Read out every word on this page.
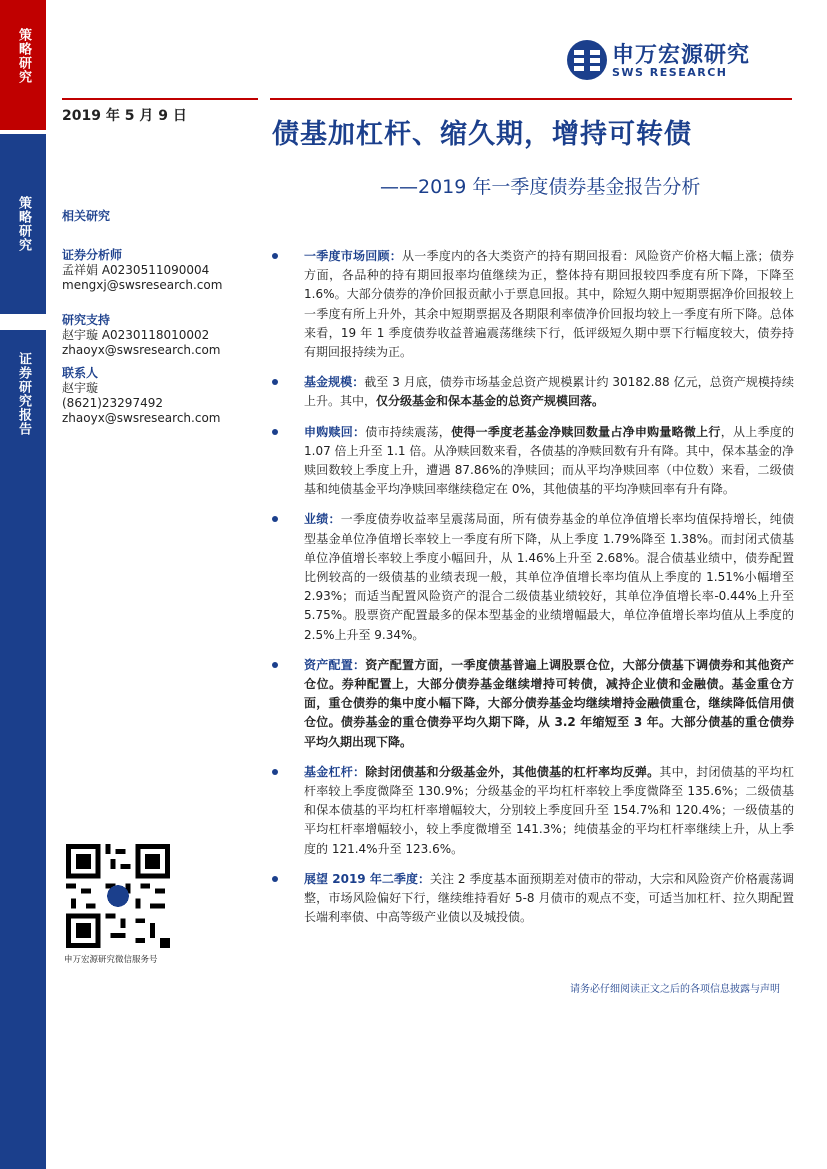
策略研究
策略研究
证券研究报告
申万宏源研究
SWS RESEARCH
2019 年 5 月 9 日
债基加杠杆、缩久期，增持可转债
——2019 年一季度债券基金报告分析
相关研究
证券分析师
孟祥娟 A0230511090004
mengxj@swsresearch.com
研究支持
赵宇璇 A0230118010002
zhaoyx@swsresearch.com
联系人
赵宇璇
(8621)23297492
zhaoyx@swsresearch.com
申万宏源研究微信服务号

一季度市场回顾：从一季度内的各大类资产的持有期回报看：风险资产价格大幅上涨；债券方面，各品种的持有期回报率均值继续为正，整体持有期回报较四季度有所下降，下降至 1.6%。大部分债券的净价回报贡献小于票息回报。其中，除短久期中短期票据净价回报较上一季度有所上升外，其余中短期票据及各期限利率债净价回报均较上一季度有所下降。总体来看，19 年 1 季度债券收益普遍震荡继续下行，低评级短久期中票下行幅度较大，债券持有期回报持续为正。

基金规模：截至 3 月底，债券市场基金总资产规模累计约 30182.88 亿元，总资产规模持续上升。其中，仅分级基金和保本基金的总资产规模回落。

申购赎回：债市持续震荡，使得一季度老基金净赎回数量占净申购量略微上行，从上季度的 1.07 倍上升至 1.1 倍。从净赎回数来看，各债基的净赎回数有升有降。其中，保本基金的净赎回数较上季度上升，遭遇 87.86%的净赎回；而从平均净赎回率（中位数）来看，二级债基和纯债基金平均净赎回率继续稳定在 0%，其他债基的平均净赎回率有升有降。

业绩：一季度债券收益率呈震荡局面，所有债券基金的单位净值增长率均值保持增长，纯债型基金单位净值增长率较上一季度有所下降，从上季度 1.79%降至 1.38%。而封闭式债基单位净值增长率较上季度小幅回升，从 1.46%上升至 2.68%。混合债基业绩中，债券配置比例较高的一级债基的业绩表现一般，其单位净值增长率均值从上季度的 1.51%小幅增至 2.93%；而适当配置风险资产的混合二级债基业绩较好，其单位净值增长率-0.44%上升至 5.75%。股票资产配置最多的保本型基金的业绩增幅最大，单位净值增长率均值从上季度的 2.5%上升至 9.34%。

资产配置：资产配置方面，一季度债基普遍上调股票仓位，大部分债基下调债券和其他资产仓位。券种配置上，大部分债券基金继续增持可转债，减持企业债和金融债。基金重仓方面，重仓债券的集中度小幅下降，大部分债券基金均继续增持金融债重仓，继续降低信用债仓位。债券基金的重仓债券平均久期下降，从 3.2 年缩短至 3 年。大部分债基的重仓债券平均久期出现下降。

基金杠杆：除封闭债基和分级基金外，其他债基的杠杆率均反弹。其中，封闭债基的平均杠杆率较上季度微降至 130.9%；分级基金的平均杠杆率较上季度微降至 135.6%；二级债基和保本债基的平均杠杆率增幅较大，分别较上季度回升至 154.7%和 120.4%；一级债基的平均杠杆率增幅较小，较上季度微增至 141.3%；纯债基金的平均杠杆率继续上升，从上季度的 121.4%升至 123.6%。

展望 2019 年二季度：关注 2 季度基本面预期差对债市的带动，大宗和风险资产价格震荡调整，市场风险偏好下行，继续维持看好 5-8 月债市的观点不变，可适当加杠杆、拉久期配置长端利率债、中高等级产业债以及城投债。

请务必仔细阅读正文之后的各项信息披露与声明
